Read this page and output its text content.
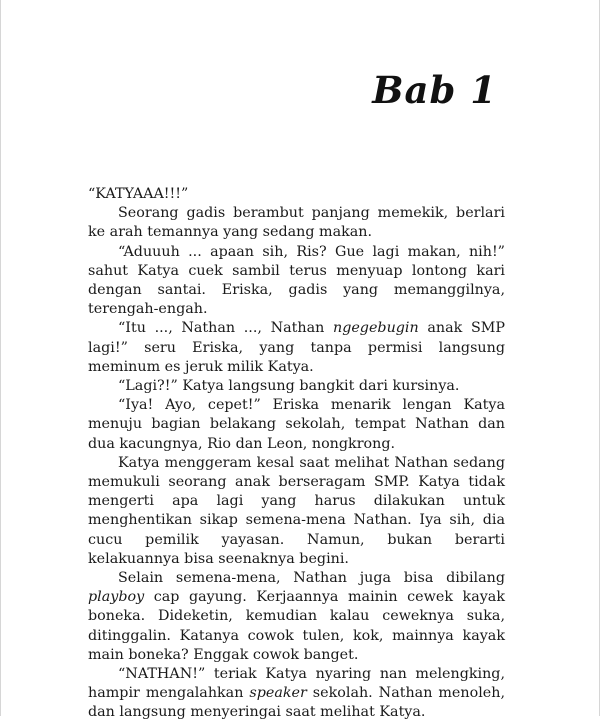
Bab 1

“KATYAAA!!!”

Seorang gadis berambut panjang memekik, berlari ke arah temannya yang sedang makan.

“Aduuuh ... apaan sih, Ris? Gue lagi makan, nih!” sahut Katya cuek sambil terus menyuap lontong kari dengan santai. Eriska, gadis yang memanggilnya, terengah-engah.

“Itu ..., Nathan ..., Nathan ngegebugin anak SMP lagi!” seru Eriska, yang tanpa permisi langsung meminum es jeruk milik Katya.

“Lagi?!” Katya langsung bangkit dari kursinya.

“Iya! Ayo, cepet!” Eriska menarik lengan Katya menuju bagian belakang sekolah, tempat Nathan dan dua kacungnya, Rio dan Leon, nongkrong.

Katya menggeram kesal saat melihat Nathan sedang memukuli seorang anak berseragam SMP. Katya tidak mengerti apa lagi yang harus dilakukan untuk menghentikan sikap semena-mena Nathan. Iya sih, dia cucu pemilik yayasan. Namun, bukan berarti kelakuannya bisa seenaknya begini.

Selain semena-mena, Nathan juga bisa dibilang playboy cap gayung. Kerjaannya mainin cewek kayak boneka. Dideketin, kemudian kalau ceweknya suka, ditinggalin. Katanya cowok tulen, kok, mainnya kayak main boneka? Enggak cowok banget.

“NATHAN!” teriak Katya nyaring nan melengking, hampir mengalahkan speaker sekolah. Nathan menoleh, dan langsung menyeringai saat melihat Katya.
